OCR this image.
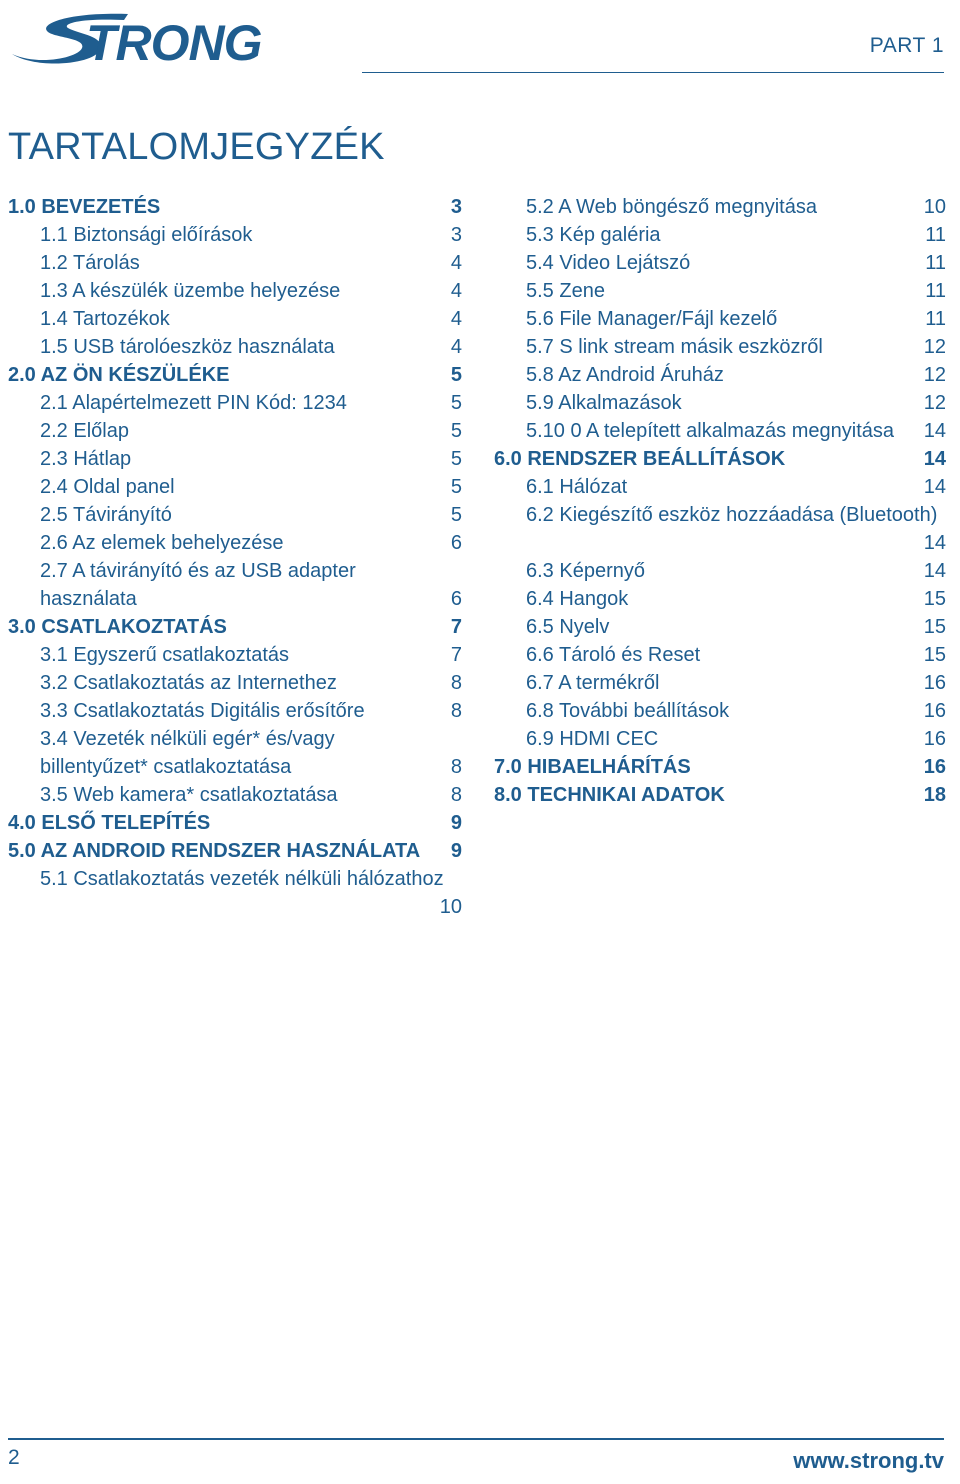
TRONG	PART 1
TARTALOMJEGYZÉK
1.0 BEVEZETÉS	3
1.1 Biztonsági előírások	3
1.2 Tárolás	4
1.3 A készülék üzembe helyezése	4
1.4 Tartozékok	4
1.5 USB tárolóeszköz használata	4
2.0 AZ ÖN KÉSZÜLÉKE	5
2.1 Alapértelmezett PIN Kód: 1234	5
2.2 Előlap	5
2.3 Hátlap	5
2.4 Oldal panel	5
2.5 Távirányító	5
2.6 Az elemek behelyezése	6
2.7 A távirányító és az USB adapter
használata	6
3.0 CSATLAKOZTATÁS	7
3.1 Egyszerű csatlakoztatás	7
3.2 Csatlakoztatás az Internethez	8
3.3 Csatlakoztatás Digitális erősítőre	8
3.4 Vezeték nélküli egér* és/vagy
billentyűzet* csatlakoztatása	8
3.5 Web kamera* csatlakoztatása	8
4.0 ELSŐ TELEPÍTÉS	9
5.0 AZ ANDROID RENDSZER HASZNÁLATA 9
5.1 Csatlakoztatás vezeték nélküli hálózathoz
10
5.2 A Web böngésző megnyitása	10
5.3 Kép galéria	11
5.4 Video Lejátszó	11
5.5 Zene	11
5.6 File Manager/Fájl kezelő	11
5.7 S link stream másik eszközről	12
5.8 Az Android Áruház	12
5.9 Alkalmazások	12
5.10 0 A telepített alkalmazás megnyitása 14
6.0 RENDSZER BEÁLLÍTÁSOK	14
6.1 Hálózat	14
6.2 Kiegészítő eszköz hozzáadása (Bluetooth)
14
6.3 Képernyő	14
6.4 Hangok	15
6.5 Nyelv	15
6.6 Tároló és Reset	15
6.7 A termékről	16
6.8 További beállítások	16
6.9 HDMI CEC	16
7.0 HIBAELHÁRÍTÁS	16
8.0 TECHNIKAI ADATOK	18
2	www.strong.tv
